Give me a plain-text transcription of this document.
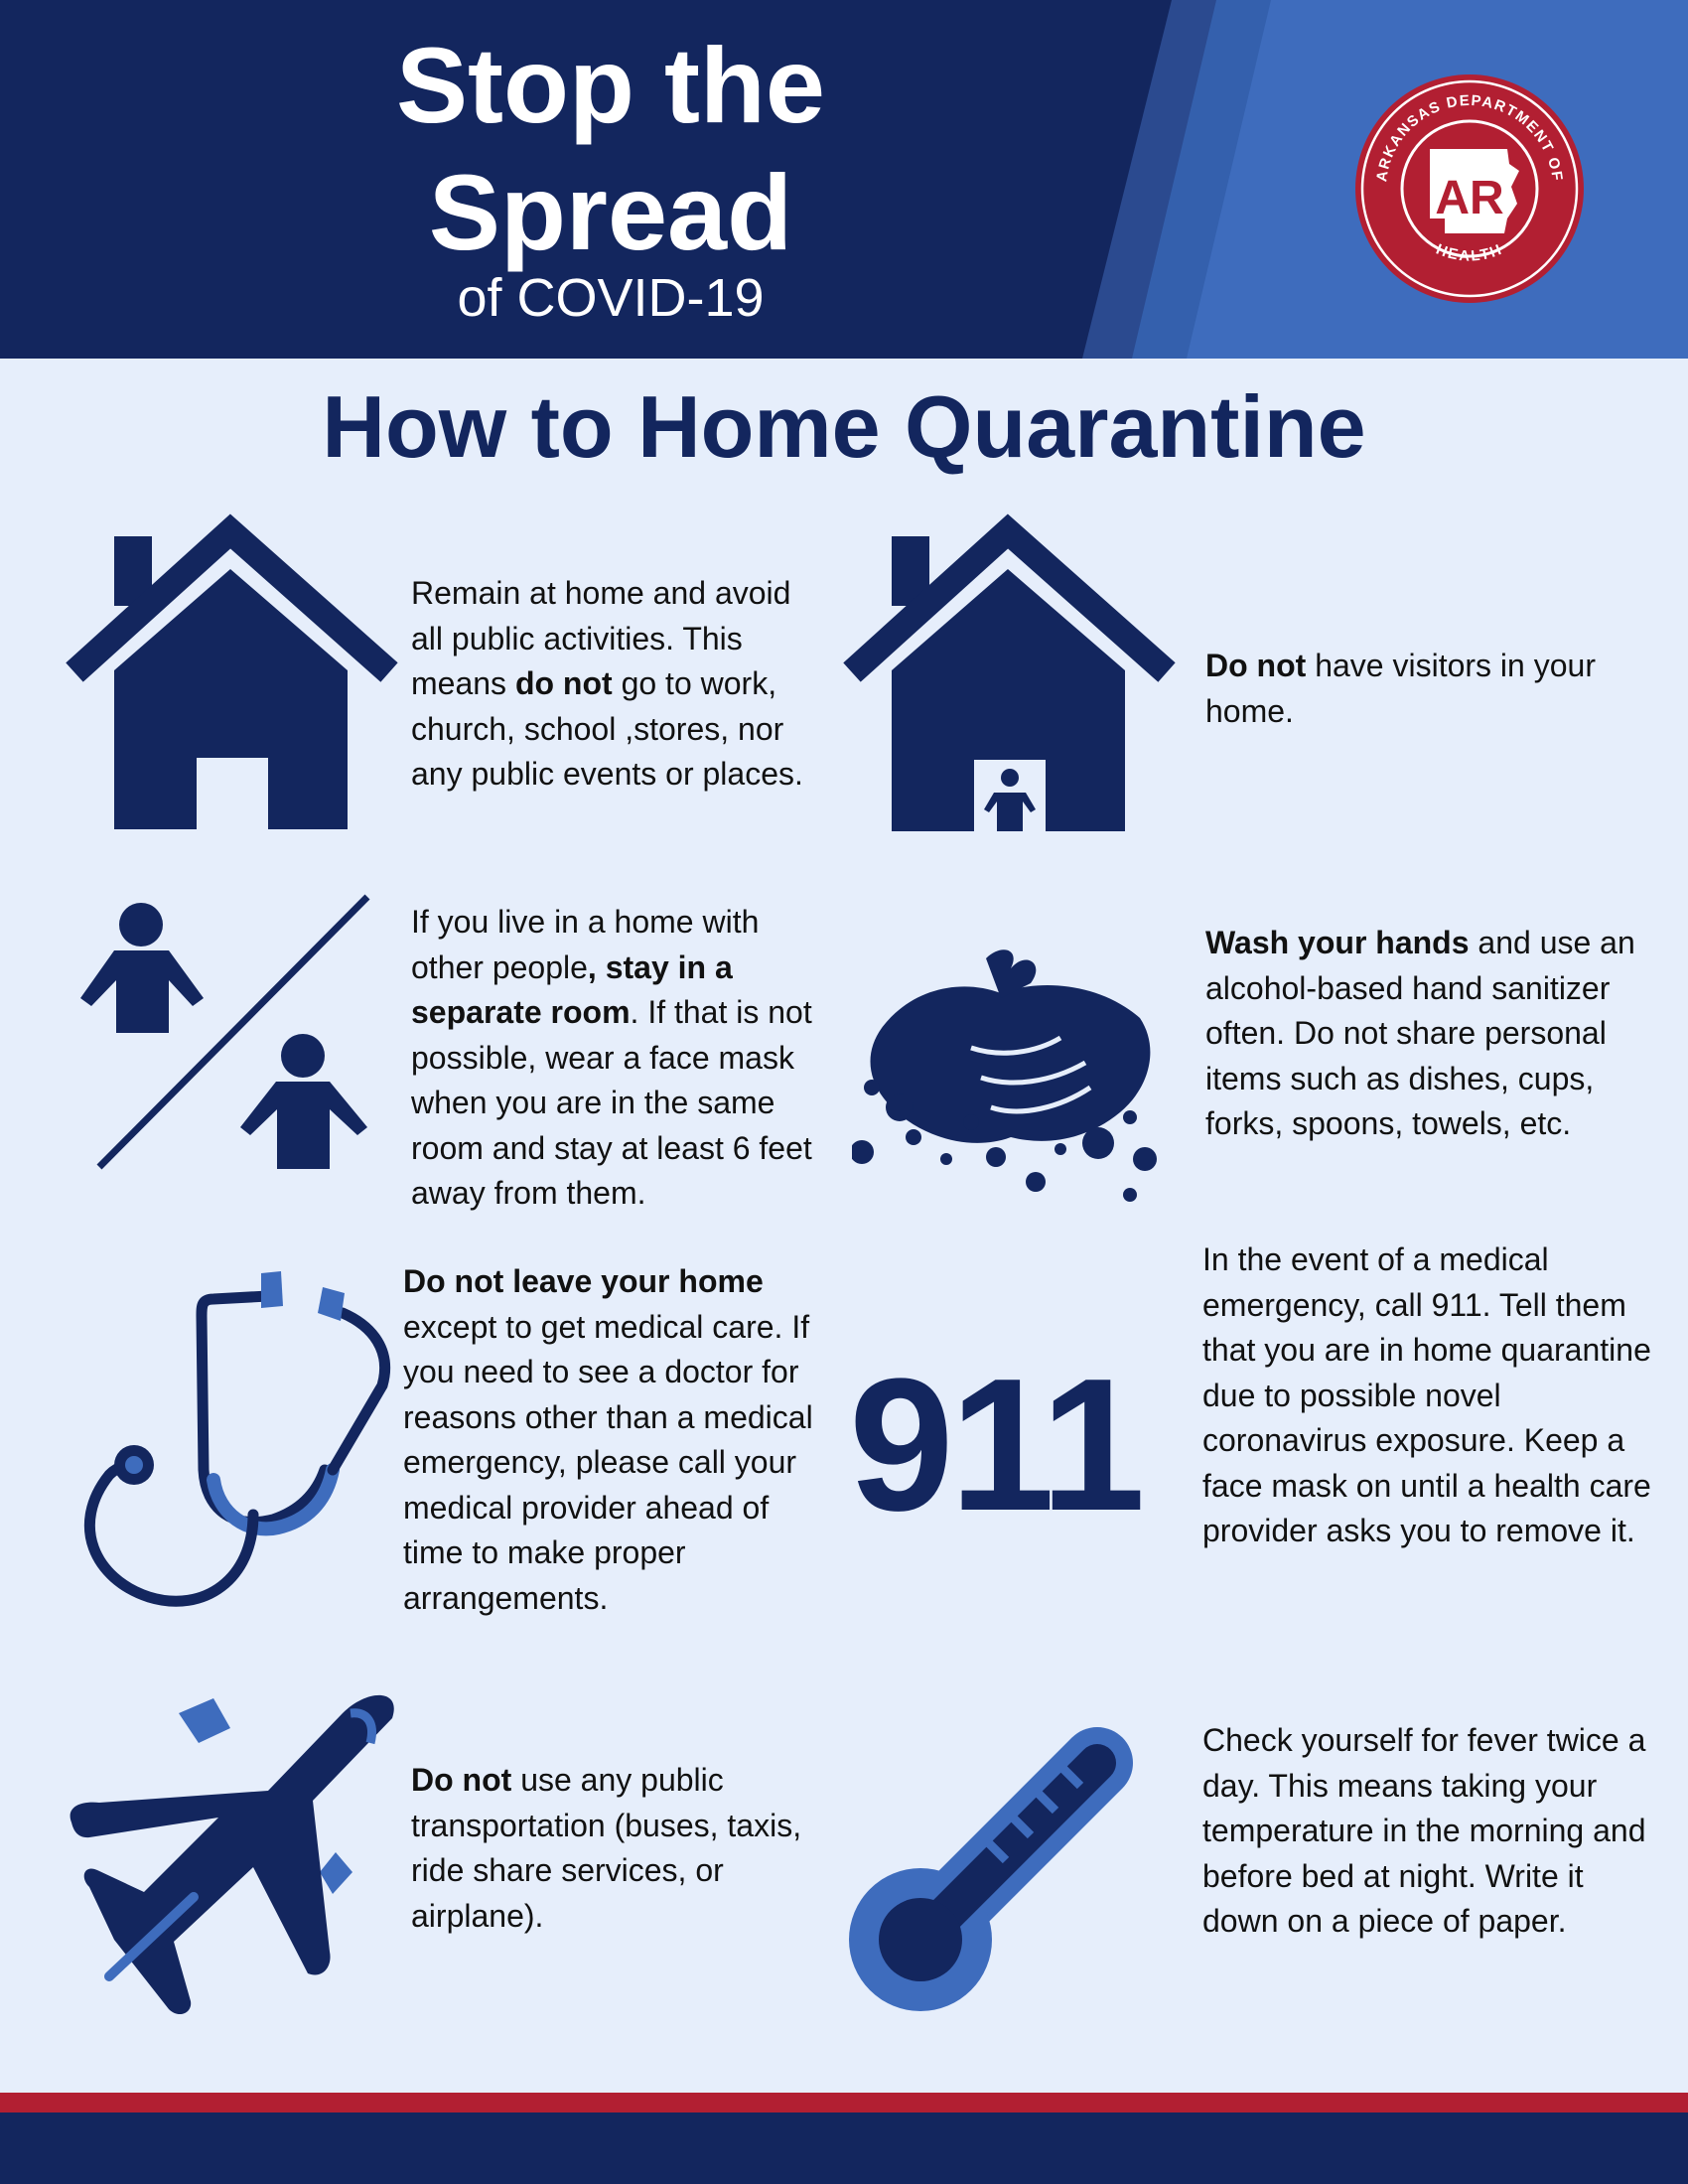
Stop the
Spread
of COVID-19
ARKANSAS DEPARTMENT OF
HEALTH
AR
How to Home Quarantine
Remain at home and avoid all public activities. This means do not go to work, church, school ,stores, nor any public events or places.
Do not have visitors in your home.
If you live in a home with other people, stay in a separate room. If that is not possible, wear a face mask when you are in the same room and stay at least 6 feet away from them.
Wash your hands and use an alcohol-based hand sanitizer often. Do not share personal items such as dishes, cups, forks, spoons, towels, etc.
Do not leave your home except to get medical care. If you need to see a doctor for reasons other than a medical emergency, please call your medical provider ahead of time to make proper arrangements.
911
In the event of a medical emergency, call 911. Tell them that you are in home quarantine due to possible novel coronavirus exposure. Keep a face mask on until a health care provider asks you to remove it.
Do not use any public transportation (buses, taxis, ride share services, or airplane).
Check yourself for fever twice a day. This means taking your temperature in the morning and before bed at night. Write it down on a piece of paper.
